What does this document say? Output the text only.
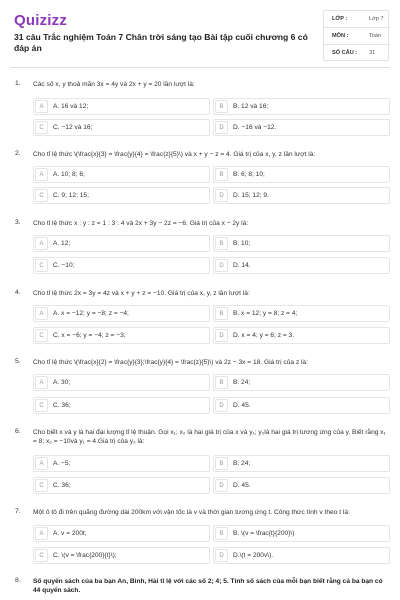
Quizizz
31 câu Trắc nghiệm Toán 7 Chân trời sáng tạo Bài tập cuối chương 6 có đáp án
LỚP :	Lớp 7
MÔN :	Toán
SỐ CÂU : 31
1. Các số x, y thoả mãn 3x = 4y và 2x + y = 20 lần lượt là:
A	A. 16 và 12;	B	B. 12 và 16;
C	C. −12 và 16;	D	D. −16 và −12.
2. Cho tỉ lệ thức \(\frac{x}{3} = \frac{y}{4} = \frac{z}{5}\) và x + y − z = 4. Giá trị của x, y, z lần lượt là:
A	A. 10; 8; 6;	B	B. 6; 8; 10;
C	C. 9; 12; 15;	D	D. 15; 12; 9.
3. Cho tỉ lệ thức x : y : z = 1 : 3 : 4 và 2x + 3y − 2z = −6. Giá trị của x − 2y là:
A	A. 12;	B	B. 10;
C	C. −10;	D	D. 14.
4. Cho tỉ lệ thức 2x = 3y = 4z và x + y + z = −10. Giá trị của x, y, z lần lượt là:
A	A. x = −12; y = −8; z = −4;	B	B. x = 12; y = 8; z = 4;
C	C. x = −6; y = −4; z = −3;	D	D. x = 4; y = 6; z = 3.
5. Cho tỉ lệ thức \(\frac{x}{2} = \frac{y}{3};\frac{y}{4} = \frac{z}{5}\) và 2z − 3x = 18. Giá trị của z là:
A	A. 30;	B	B. 24;
C	C. 36;	D	D. 45.
6. Cho biết x và y là hai đại lượng tỉ lệ thuận. Gọi x₁; x₂ là hai giá trị của x và y₁; y₂là hai giá trị tương ứng của y. Biết rằng x₁ = 8; x₂ = −10và y₁ = 4.Giá trị của y₂ là:
A	A. −5;	B	B. 24;
C	C. 36;	D	D. 45.
7. Một ô tô đi trên quãng đường dài 200km với vận tốc là v và thời gian tương ứng t. Công thức tính v theo t là:
A	A. v = 200t;	B	B. \(v = \frac{t}{200}\)
C	C. \(v = \frac{200}{t}\);	D	D.\(t = 200v\).
8. Số quyển sách của ba bạn An, Bình, Hải tỉ lệ với các số 2; 4; 5. Tính số sách của mỗi bạn biết rằng cả ba bạn có 44 quyển sách.
